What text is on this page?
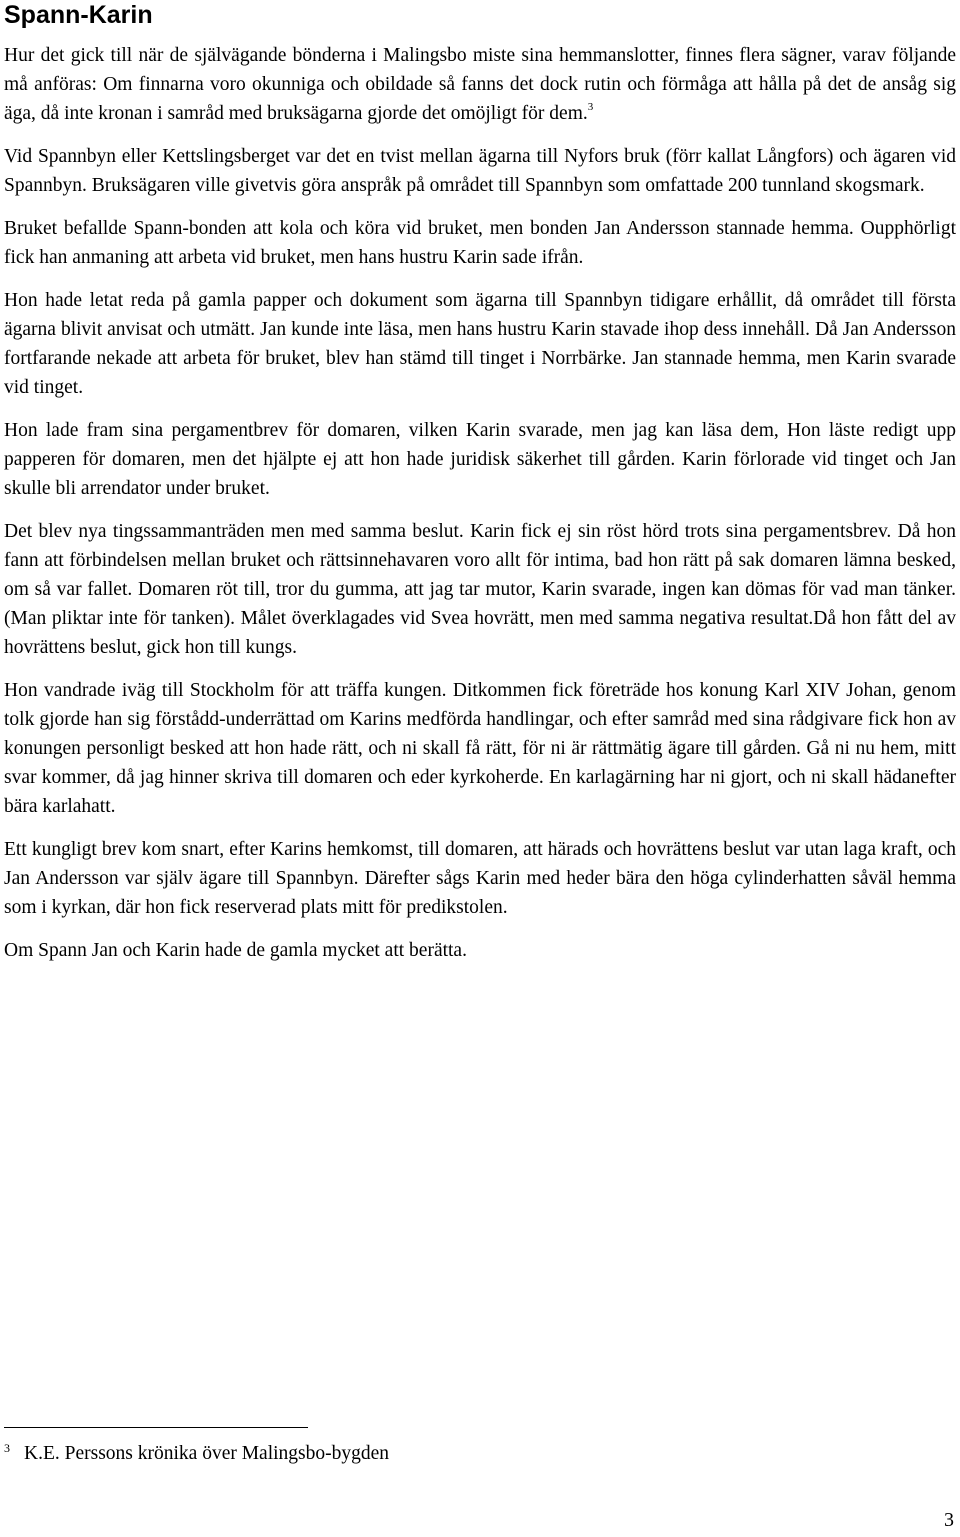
Spann-Karin

Hur det gick till när de självägande bönderna i Malingsbo miste sina hemmanslotter, finnes flera sägner, varav följande må anföras: Om finnarna voro okunniga och obildade så fanns det dock rutin och förmåga att hålla på det de ansåg sig äga, då inte kronan i samråd med bruksägarna gjorde det omöjligt för dem.$^3$

Vid Spannbyn eller Kettslingsberget var det en tvist mellan ägarna till Nyfors bruk (förr kallat Långfors) och ägaren vid Spannbyn. Bruksägaren ville givetvis göra anspråk på området till Spannbyn som omfattade 200 tunnland skogsmark.

Bruket befallde Spann-bonden att kola och köra vid bruket, men bonden Jan Andersson stannade hemma. Oupphörligt fick han anmaning att arbeta vid bruket, men hans hustru Karin sade ifrån.

Hon hade letat reda på gamla papper och dokument som ägarna till Spannbyn tidigare erhållit, då området till första ägarna blivit anvisat och utmätt. Jan kunde inte läsa, men hans hustru Karin stavade ihop dess innehåll. Då Jan Andersson fortfarande nekade att arbeta för bruket, blev han stämd till tinget i Norrbärke. Jan stannade hemma, men Karin svarade vid tinget.

Hon lade fram sina pergamentbrev för domaren, vilken Karin svarade, men jag kan läsa dem, Hon läste redigt upp papperen för domaren, men det hjälpte ej att hon hade juridisk säkerhet till gården. Karin förlorade vid tinget och Jan skulle bli arrendator under bruket.

Det blev nya tingssammanträden men med samma beslut. Karin fick ej sin röst hörd trots sina pergamentsbrev. Då hon fann att förbindelsen mellan bruket och rättsinnehavaren voro allt för intima, bad hon rätt på sak domaren lämna besked, om så var fallet. Domaren röt till, tror du gumma, att jag tar mutor, Karin svarade, ingen kan dömas för vad man tänker. (Man pliktar inte för tanken). Målet överklagades vid Svea hovrätt, men med samma negativa resultat.Då hon fått del av hovrättens beslut, gick hon till kungs.

Hon vandrade iväg till Stockholm för att träffa kungen. Ditkommen fick företräde hos konung Karl XIV Johan, genom tolk gjorde han sig förstådd-underrättad om Karins medförda handlingar, och efter samråd med sina rådgivare fick hon av konungen personligt besked att hon hade rätt, och ni skall få rätt, för ni är rättmätig ägare till gården. Gå ni nu hem, mitt svar kommer, då jag hinner skriva till domaren och eder kyrkoherde. En karlagärning har ni gjort, och ni skall hädanefter bära karlahatt.

Ett kungligt brev kom snart, efter Karins hemkomst, till domaren, att härads och hovrättens beslut var utan laga kraft, och Jan Andersson var själv ägare till Spannbyn. Därefter sågs Karin med heder bära den höga cylinderhatten såväl hemma som i kyrkan, där hon fick reserverad plats mitt för predikstolen.

Om Spann Jan och Karin hade de gamla mycket att berätta.

$^3$ K.E. Perssons krönika över Malingsbo-bygden
3
